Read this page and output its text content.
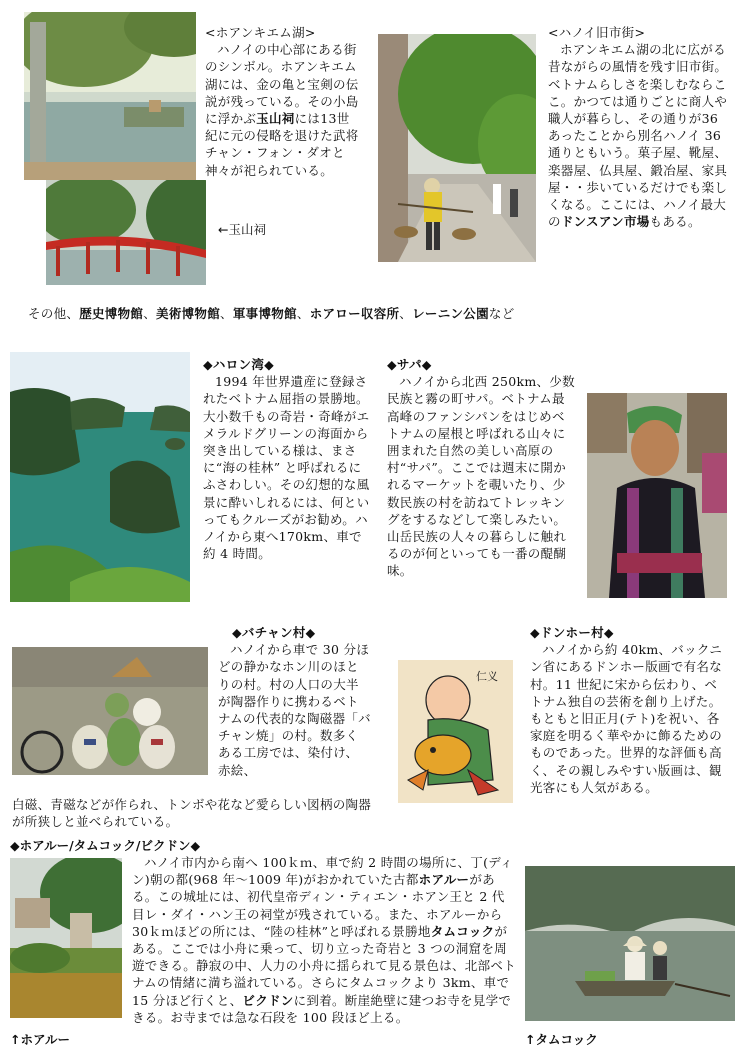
<ホアンキエム湖>
ハノイの中心部にある街のシンボル。ホアンキエム湖には、金の亀と宝剣の伝説が残っている。その小島に浮かぶ玉山祠には13世紀に元の侵略を退けた武将チャン・フォン・ダオと神々が祀られている。
←玉山祠
<ハノイ旧市街>
ホアンキエム湖の北に広がる昔ながらの風情を残す旧市街。ベトナムらしさを楽しむならここ。かつては通りごとに商人や職人が暮らし、その通りが36あったことから別名ハノイ 36 通りともいう。菓子屋、靴屋、楽器屋、仏具屋、鍛冶屋、家具屋・・歩いているだけでも楽しくなる。ここには、ハノイ最大のドンスアン市場もある。
その他、歴史博物館、美術博物館、軍事博物館、ホアロー収容所、レーニン公園など
◆ハロン湾◆
1994 年世界遺産に登録されたベトナム屈指の景勝地。大小数千もの奇岩・奇峰がエメラルドグリーンの海面から突き出している様は、まさに“海の桂林” と呼ばれるにふさわしい。その幻想的な風景に酔いしれるには、何といってもクルーズがお勧め。ハノイから東へ170km、車で約 4 時間。
◆サパ◆
ハノイから北西 250km、少数民族と霧の町サパ。ベトナム最高峰のファンシパンをはじめベトナムの屋根と呼ばれる山々に囲まれた自然の美しい高原の村“サパ”。ここでは週末に開かれるマーケットを覗いたり、少数民族の村を訪ねてトレッキングをするなどして楽しみたい。山岳民族の人々の暮らしに触れるのが何といっても一番の醍醐味。
◆バチャン村◆
ハノイから車で 30 分ほどの静かなホン川のほとりの村。村の人口の大半が陶器作りに携わるベトナムの代表的な陶磁器「バチャン焼」の村。数多くある工房では、染付け、赤絵、
白磁、青磁などが作られ、トンボや花など愛らしい図柄の陶器が所狭しと並べられている。
仁义
◆ドンホー村◆
ハノイから約 40km、バックニン省にあるドンホー版画で有名な村。11 世紀に宋から伝わり、ベトナム独自の芸術を創り上げた。もともと旧正月(テト)を祝い、各家庭を明るく華やかに飾るためのものであった。世界的な評価も高く、その親しみやすい版画は、観光客にも人気がある。
◆ホアルー/タムコック/ビクドン◆
ハノイ市内から南へ 100ｋｍ、車で約 2 時間の場所に、丁(ディン)朝の都(968 年～1009 年)がおかれていた古都ホアルーがある。この城址には、初代皇帝ディン・ティエン・ホアン王と 2 代目レ・ダイ・ハン王の祠堂が残されている。また、ホアルーから 30ｋｍほどの所には、“陸の桂林”と呼ばれる景勝地タムコックがある。ここでは小舟に乗って、切り立った奇岩と 3 つの洞窟を周遊できる。静寂の中、人力の小舟に揺られて見る景色は、北部ベトナムの情緒に満ち溢れている。さらにタムコックより 3km、車で 15 分ほど行くと、ビクドンに到着。断崖絶壁に建つお寺を見学できる。お寺までは急な石段を 100 段ほど上る。
↑ホアルー	↑タムコック
